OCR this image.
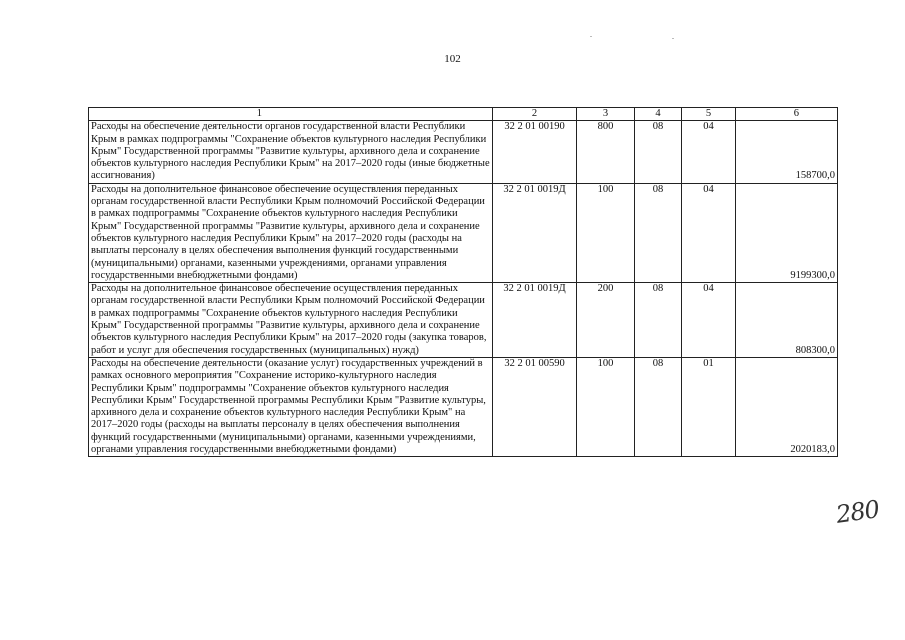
102
1	2	3	4	5	6
Расходы на обеспечение деятельности органов государственной власти Республики Крым в рамках подпрограммы "Сохранение объектов культурного наследия Республики Крым" Государственной программы "Развитие культуры, архивного дела и сохранение объектов культурного наследия Республики Крым" на 2017–2020 годы (иные бюджетные ассигнования)	32 2 01 00190	800	08	04	158700,0
Расходы на дополнительное финансовое обеспечение осуществления переданных органам государственной власти Республики Крым полномочий Российской Федерации в рамках подпрограммы "Сохранение объектов культурного наследия Республики Крым" Государственной программы "Развитие культуры, архивного дела и сохранение объектов культурного наследия Республики Крым" на 2017–2020 годы (расходы на выплаты персоналу в целях обеспечения выполнения функций государственными (муниципальными) органами, казенными учреждениями, органами управления государственными внебюджетными фондами)	32 2 01 0019Д	100	08	04	9199300,0
Расходы на дополнительное финансовое обеспечение осуществления переданных органам государственной власти Республики Крым полномочий Российской Федерации в рамках подпрограммы "Сохранение объектов культурного наследия Республики Крым" Государственной программы "Развитие культуры, архивного дела и сохранение объектов культурного наследия Республики Крым" на 2017–2020 годы (закупка товаров, работ и услуг для обеспечения государственных (муниципальных) нужд)	32 2 01 0019Д	200	08	04	808300,0
Расходы на обеспечение деятельности (оказание услуг) государственных учреждений в рамках основного мероприятия "Сохранение историко-культурного наследия Республики Крым" подпрограммы "Сохранение объектов культурного наследия Республики Крым" Государственной программы Республики Крым "Развитие культуры, архивного дела и сохранение объектов культурного наследия Республики Крым" на 2017–2020 годы (расходы на выплаты персоналу в целях обеспечения выполнения функций государственными (муниципальными) органами, казенными учреждениями, органами управления государственными внебюджетными фондами)	32 2 01 00590	100	08	01	2020183,0
280
